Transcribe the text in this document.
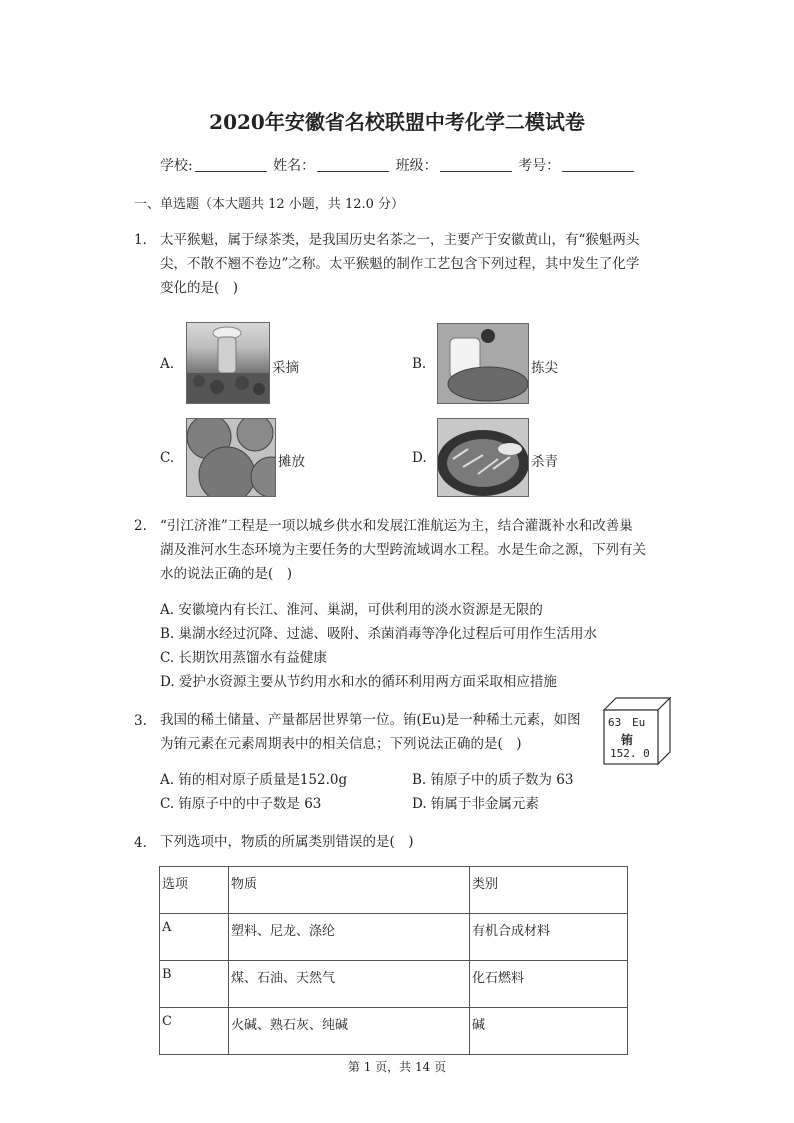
2020年安徽省名校联盟中考化学二模试卷
学校:	姓名：	班级：	考号：
一、单选题（本大题共 12 小题，共 12.0 分）
1. 太平猴魁，属于绿茶类，是我国历史名茶之一，主要产于安徽黄山，有“猴魁两头
尖，不散不翘不卷边”之称。太平猴魁的制作工艺包含下列过程，其中发生了化学
变化的是(　)
A.	采摘	B.	拣尖
C.	摊放	D.	杀青
2. “引江济淮”工程是一项以城乡供水和发展江淮航运为主，结合灌溉补水和改善巢
湖及淮河水生态环境为主要任务的大型跨流域调水工程。水是生命之源，下列有关
水的说法正确的是(　)
A. 安徽境内有长江、淮河、巢湖，可供利用的淡水资源是无限的
B. 巢湖水经过沉降、过滤、吸附、杀菌消毒等净化过程后可用作生活用水
C. 长期饮用蒸馏水有益健康
D. 爱护水资源主要从节约用水和水的循环利用两方面采取相应措施
3. 我国的稀土储量、产量都居世界第一位。铕(Eu)是一种稀土元素，如图
为铕元素在元素周期表中的相关信息；下列说法正确的是(　)
63 Eu
铕
152. 0
A. 铕的相对原子质量是152.0g	B. 铕原子中的质子数为 63
C. 铕原子中的中子数是 63	D. 铕属于非金属元素
4. 下列选项中，物质的所属类别错误的是(　)
选项	物质	类别
A	塑料、尼龙、涤纶	有机合成材料
B	煤、石油、天然气	化石燃料
C	火碱、熟石灰、纯碱	碱
第 1 页，共 14 页
